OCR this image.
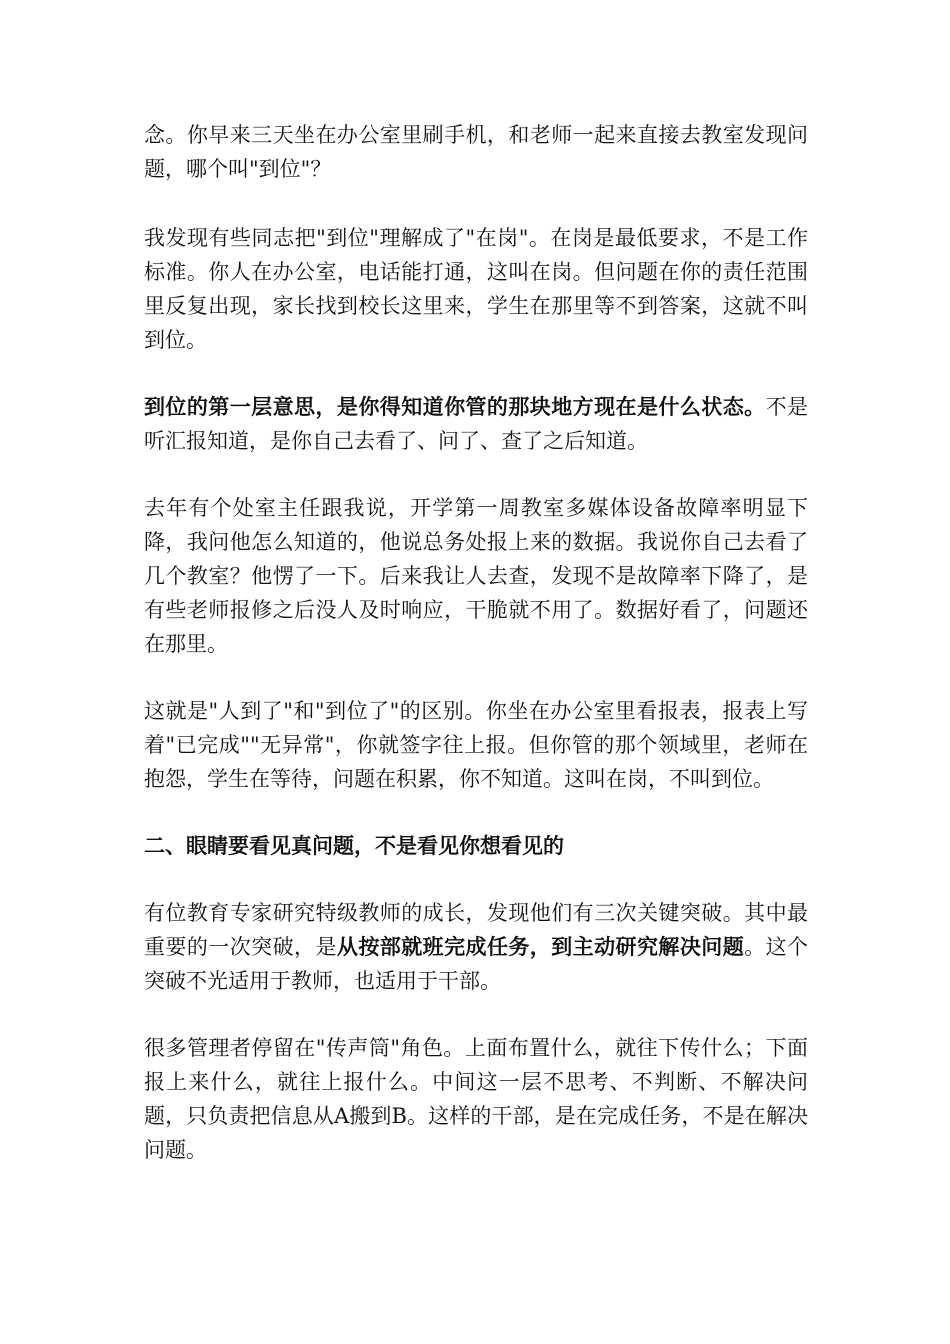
念。你早来三天坐在办公室里刷手机，和老师一起来直接去教室发现问题，哪个叫"到位"？

我发现有些同志把"到位"理解成了"在岗"。在岗是最低要求，不是工作标准。你人在办公室，电话能打通，这叫在岗。但问题在你的责任范围里反复出现，家长找到校长这里来，学生在那里等不到答案，这就不叫到位。

到位的第一层意思，是你得知道你管的那块地方现在是什么状态。不是听汇报知道，是你自己去看了、问了、查了之后知道。

去年有个处室主任跟我说，开学第一周教室多媒体设备故障率明显下降，我问他怎么知道的，他说总务处报上来的数据。我说你自己去看了几个教室？他愣了一下。后来我让人去查，发现不是故障率下降了，是有些老师报修之后没人及时响应，干脆就不用了。数据好看了，问题还在那里。

这就是"人到了"和"到位了"的区别。你坐在办公室里看报表，报表上写着"已完成""无异常"，你就签字往上报。但你管的那个领域里，老师在抱怨，学生在等待，问题在积累，你不知道。这叫在岗，不叫到位。

二、眼睛要看见真问题，不是看见你想看见的

有位教育专家研究特级教师的成长，发现他们有三次关键突破。其中最重要的一次突破，是从按部就班完成任务，到主动研究解决问题。这个突破不光适用于教师，也适用于干部。

很多管理者停留在"传声筒"角色。上面布置什么，就往下传什么；下面报上来什么，就往上报什么。中间这一层不思考、不判断、不解决问题，只负责把信息从A搬到B。这样的干部，是在完成任务，不是在解决问题。
